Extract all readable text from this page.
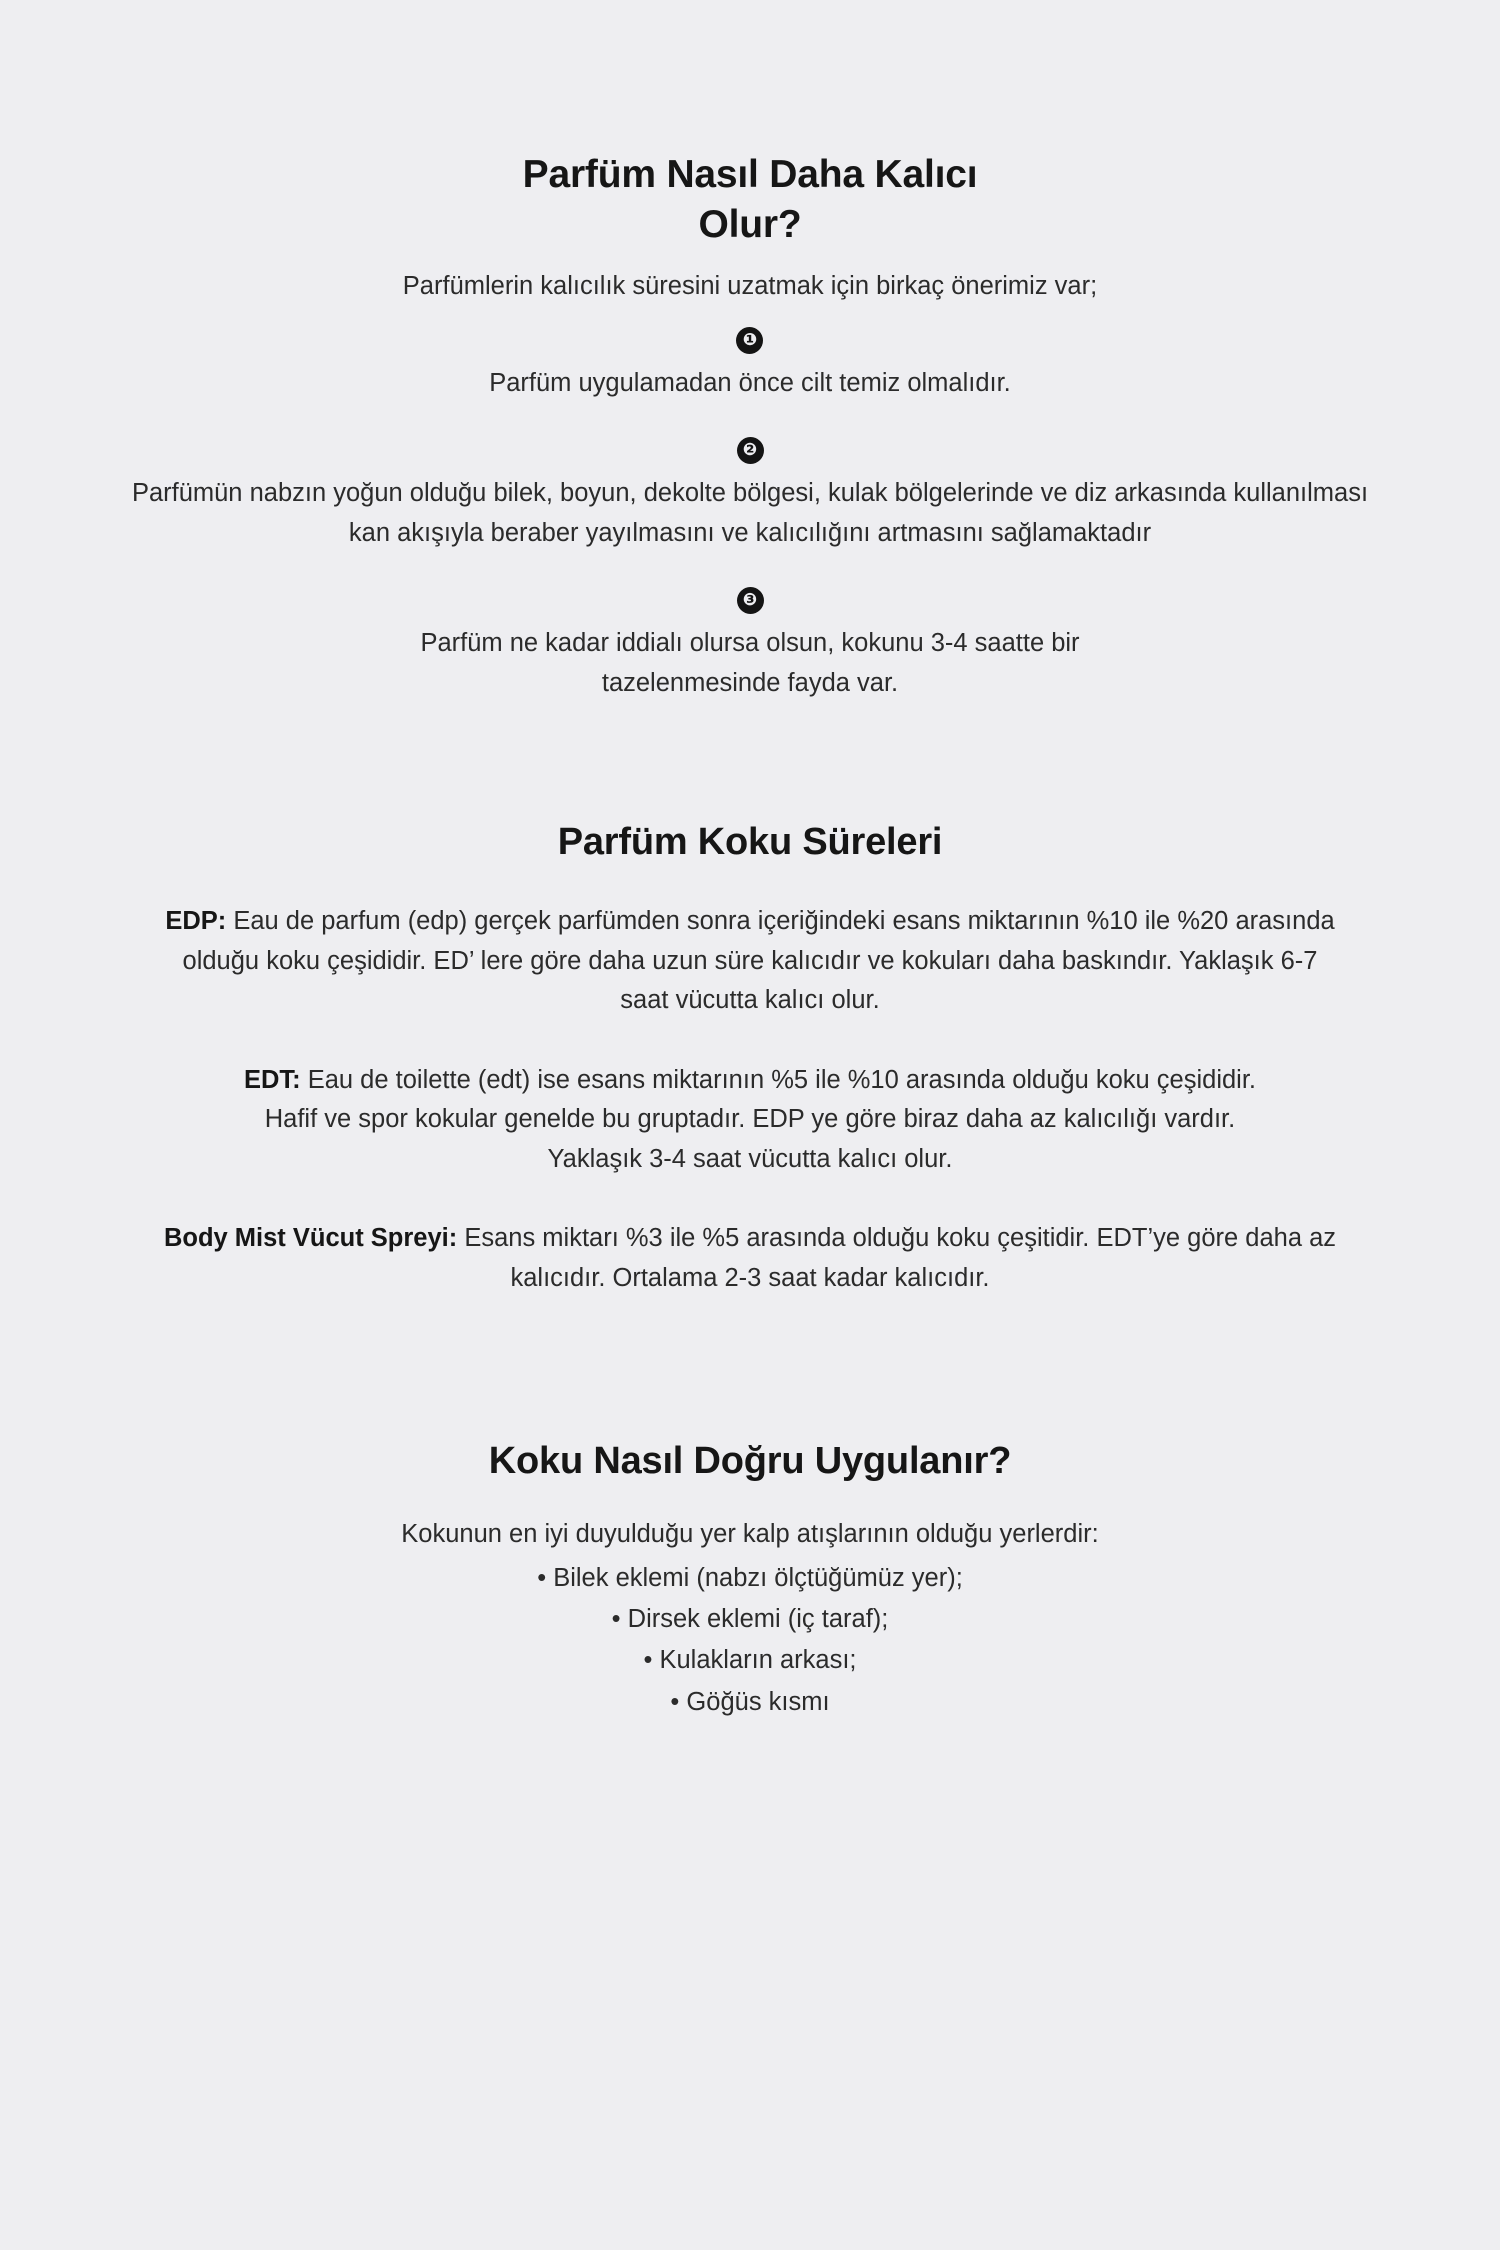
Parfüm Nasıl Daha Kalıcı Olur?

Parfümlerin kalıcılık süresini uzatmak için birkaç önerimiz var;

❶

Parfüm uygulamadan önce cilt temiz olmalıdır.

❷

Parfümün nabzın yoğun olduğu bilek, boyun, dekolte bölgesi, kulak bölgelerinde ve diz arkasında kullanılması kan akışıyla beraber yayılmasını ve kalıcılığını artmasını sağlamaktadır

❸

Parfüm ne kadar iddialı olursa olsun, kokunu 3-4 saatte bir tazelenmesinde fayda var.

Parfüm Koku Süreleri

EDP: Eau de parfum (edp) gerçek parfümden sonra içeriğindeki esans miktarının %10 ile %20 arasında olduğu koku çeşididir. ED’ lere göre daha uzun süre kalıcıdır ve kokuları daha baskındır. Yaklaşık 6-7 saat vücutta kalıcı olur.

EDT: Eau de toilette (edt) ise esans miktarının %5 ile %10 arasında olduğu koku çeşididir. Hafif ve spor kokular genelde bu gruptadır. EDP ye göre biraz daha az kalıcılığı vardır. Yaklaşık 3-4 saat vücutta kalıcı olur.

Body Mist Vücut Spreyi: Esans miktarı %3 ile %5 arasında olduğu koku çeşitidir. EDT’ye göre daha az kalıcıdır. Ortalama 2-3 saat kadar kalıcıdır.

Koku Nasıl Doğru Uygulanır?

Kokunun en iyi duyulduğu yer kalp atışlarının olduğu yerlerdir:

• Bilek eklemi (nabzı ölçtüğümüz yer);
• Dirsek eklemi (iç taraf);
• Kulakların arkası;
• Göğüs kısmı
